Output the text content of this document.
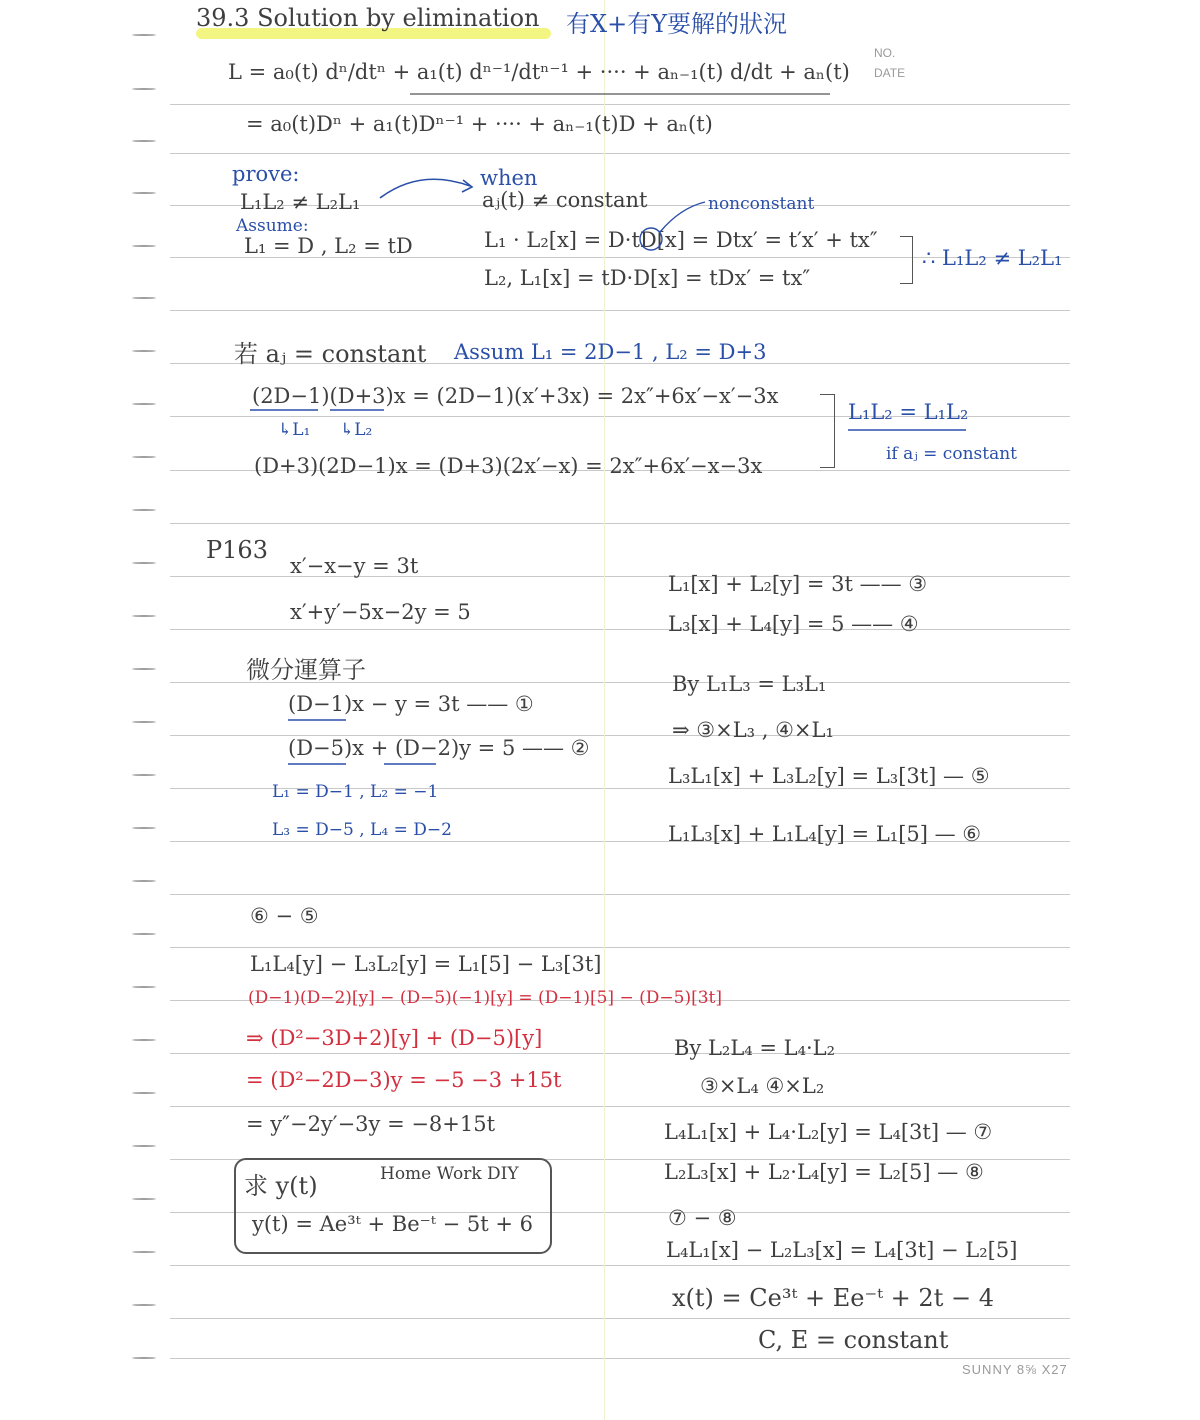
39.3 Solution by elimination 有X+有Y要解的狀況
NO.
DATE
L = a₀(t) dⁿ/dtⁿ + a₁(t) dⁿ⁻¹/dtⁿ⁻¹ + ···· + aₙ₋₁(t) d/dt + aₙ(t)
= a₀(t)Dⁿ + a₁(t)Dⁿ⁻¹ + ···· + aₙ₋₁(t)D + aₙ(t)
prove:
L₁L₂ ≠ L₂L₁
when
aⱼ(t) ≠ constant	nonconstant
Assume:
L₁ = D , L₂ = tD	L₁ · L₂[x] = D·tD[x] = Dtx′ = t′x′ + tx″
L₂, L₁[x] = tD·D[x] = tDx′ = tx″
∴ L₁L₂ ≠ L₂L₁
若 aⱼ = constant Assum L₁ = 2D−1 , L₂ = D+3
(2D−1)(D+3)x = (2D−1)(x′+3x) = 2x″+6x′−x′−3x
↳L₁ ↳L₂
(D+3)(2D−1)x = (D+3)(2x′−x) = 2x″+6x′−x−3x
L₁L₂ = L₁L₂
if aⱼ = constant
P163
x′−x−y = 3t
x′+y′−5x−2y = 5
微分運算子
(D−1)x − y = 3t —— ①
(D−5)x + (D−2)y = 5 —— ②
L₁ = D−1 , L₂ = −1
L₃ = D−5 , L₄ = D−2
L₁[x] + L₂[y] = 3t —— ③
L₃[x] + L₄[y] = 5 —— ④
By L₁L₃ = L₃L₁
⇒ ③×L₃ , ④×L₁
L₃L₁[x] + L₃L₂[y] = L₃[3t] — ⑤
L₁L₃[x] + L₁L₄[y] = L₁[5] — ⑥
⑥ − ⑤
L₁L₄[y] − L₃L₂[y] = L₁[5] − L₃[3t]
(D−1)(D−2)[y] − (D−5)(−1)[y] = (D−1)[5] − (D−5)[3t]
⇒ (D²−3D+2)[y] + (D−5)[y]
= (D²−2D−3)y = −5 −3 +15t
= y″−2y′−3y = −8+15t
求 y(t)	Home Work DIY
y(t) = Ae³ᵗ + Be⁻ᵗ − 5t + 6
By L₂L₄ = L₄·L₂
③×L₄ ④×L₂
L₄L₁[x] + L₄·L₂[y] = L₄[3t] — ⑦
L₂L₃[x] + L₂·L₄[y] = L₂[5] — ⑧
⑦ − ⑧
L₄L₁[x] − L₂L₃[x] = L₄[3t] − L₂[5]
x(t) = Ce³ᵗ + Ee⁻ᵗ + 2t − 4
C, E = constant
SUNNY 8⅝ X27
